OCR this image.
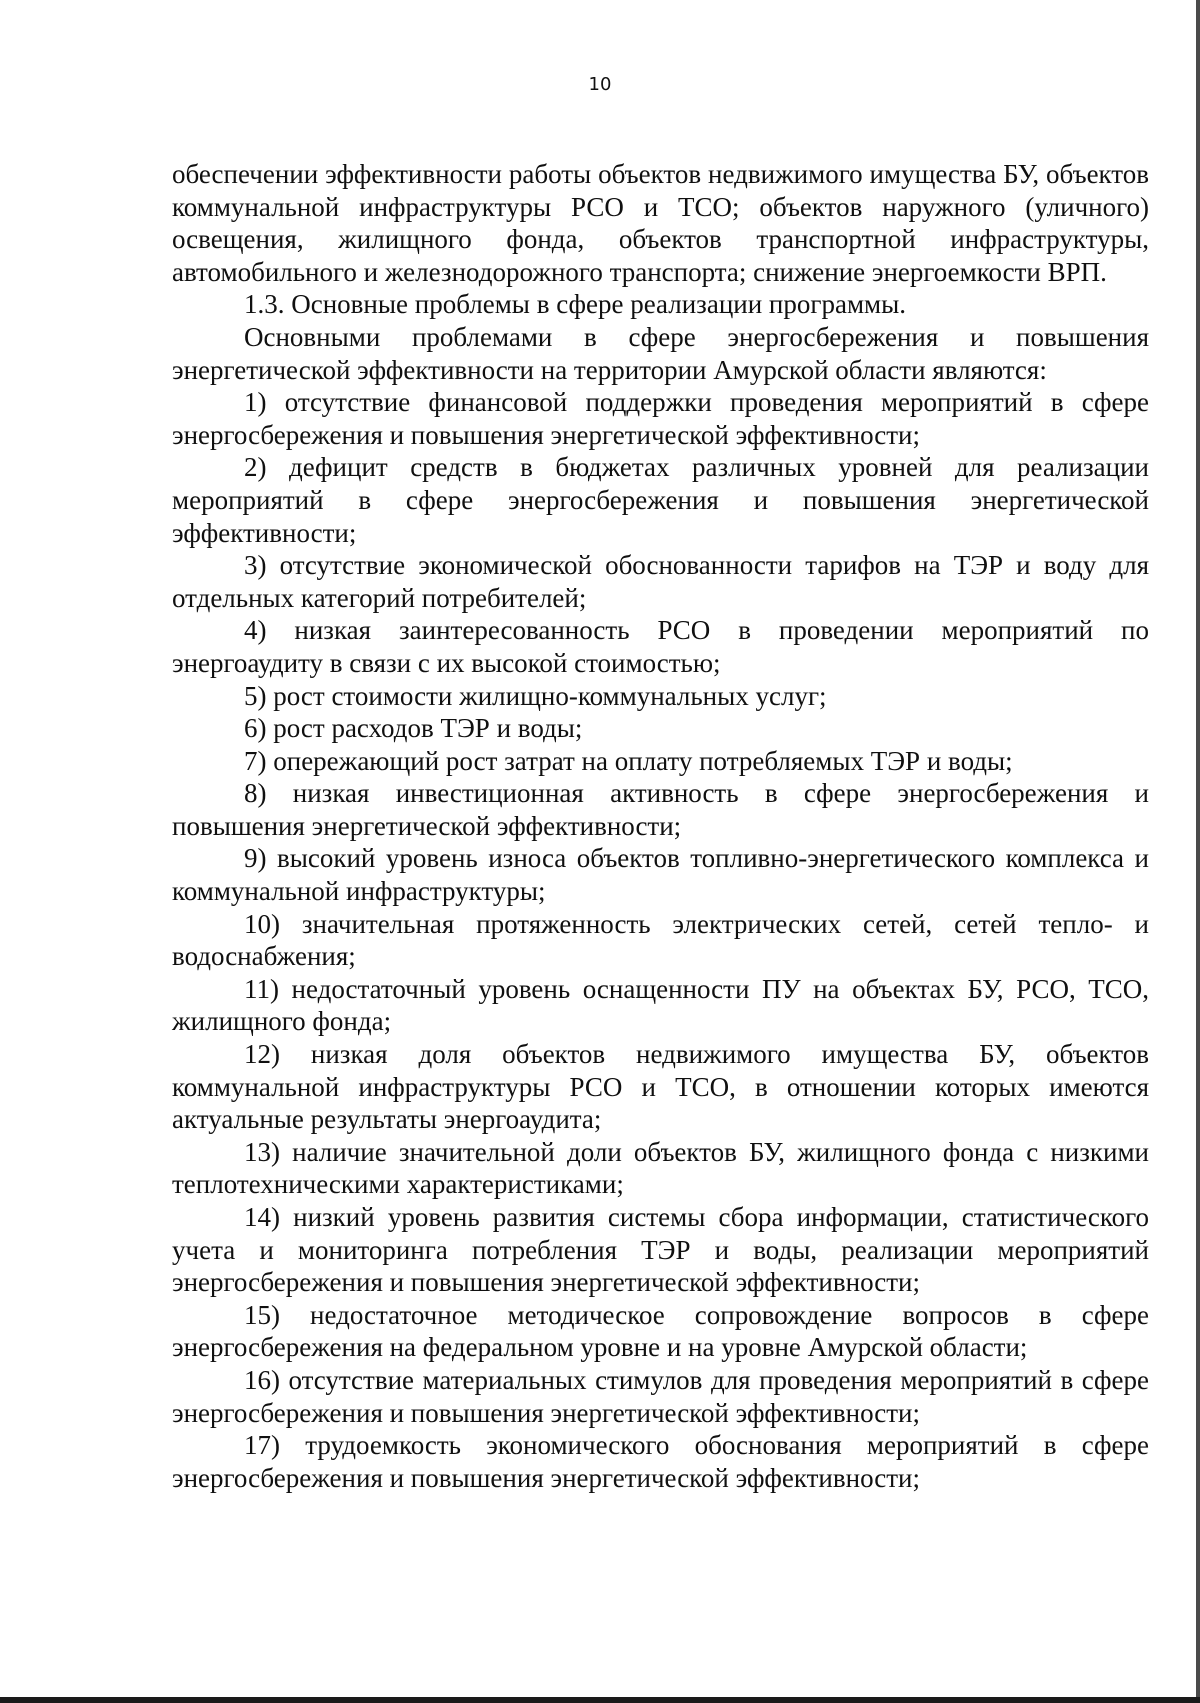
10

обеспечении эффективности работы объектов недвижимого имущества БУ, объектов коммунальной инфраструктуры РСО и ТСО; объектов наружного (уличного) освещения, жилищного фонда, объектов транспортной инфраструктуры, автомобильного и железнодорожного транспорта; снижение энергоемкости ВРП.

1.3. Основные проблемы в сфере реализации программы.

Основными проблемами в сфере энергосбережения и повышения энергетической эффективности на территории Амурской области являются:

1) отсутствие финансовой поддержки проведения мероприятий в сфере энергосбережения и повышения энергетической эффективности;

2) дефицит средств в бюджетах различных уровней для реализации мероприятий в сфере энергосбережения и повышения энергетической эффективности;

3) отсутствие экономической обоснованности тарифов на ТЭР и воду для отдельных категорий потребителей;

4) низкая заинтересованность РСО в проведении мероприятий по энергоаудиту в связи с их высокой стоимостью;

5) рост стоимости жилищно-коммунальных услуг;

6) рост расходов ТЭР и воды;

7) опережающий рост затрат на оплату потребляемых ТЭР и воды;

8) низкая инвестиционная активность в сфере энергосбережения и повышения энергетической эффективности;

9) высокий уровень износа объектов топливно-энергетического комплекса и коммунальной инфраструктуры;

10) значительная протяженность электрических сетей, сетей тепло- и водоснабжения;

11) недостаточный уровень оснащенности ПУ на объектах БУ, РСО, ТСО, жилищного фонда;

12) низкая доля объектов недвижимого имущества БУ, объектов коммунальной инфраструктуры РСО и ТСО, в отношении которых имеются актуальные результаты энергоаудита;

13) наличие значительной доли объектов БУ, жилищного фонда с низкими теплотехническими характеристиками;

14) низкий уровень развития системы сбора информации, статистического учета и мониторинга потребления ТЭР и воды, реализации мероприятий энергосбережения и повышения энергетической эффективности;

15) недостаточное методическое сопровождение вопросов в сфере энергосбережения на федеральном уровне и на уровне Амурской области;

16) отсутствие материальных стимулов для проведения мероприятий в сфере энергосбережения и повышения энергетической эффективности;

17) трудоемкость экономического обоснования мероприятий в сфере энергосбережения и повышения энергетической эффективности;
